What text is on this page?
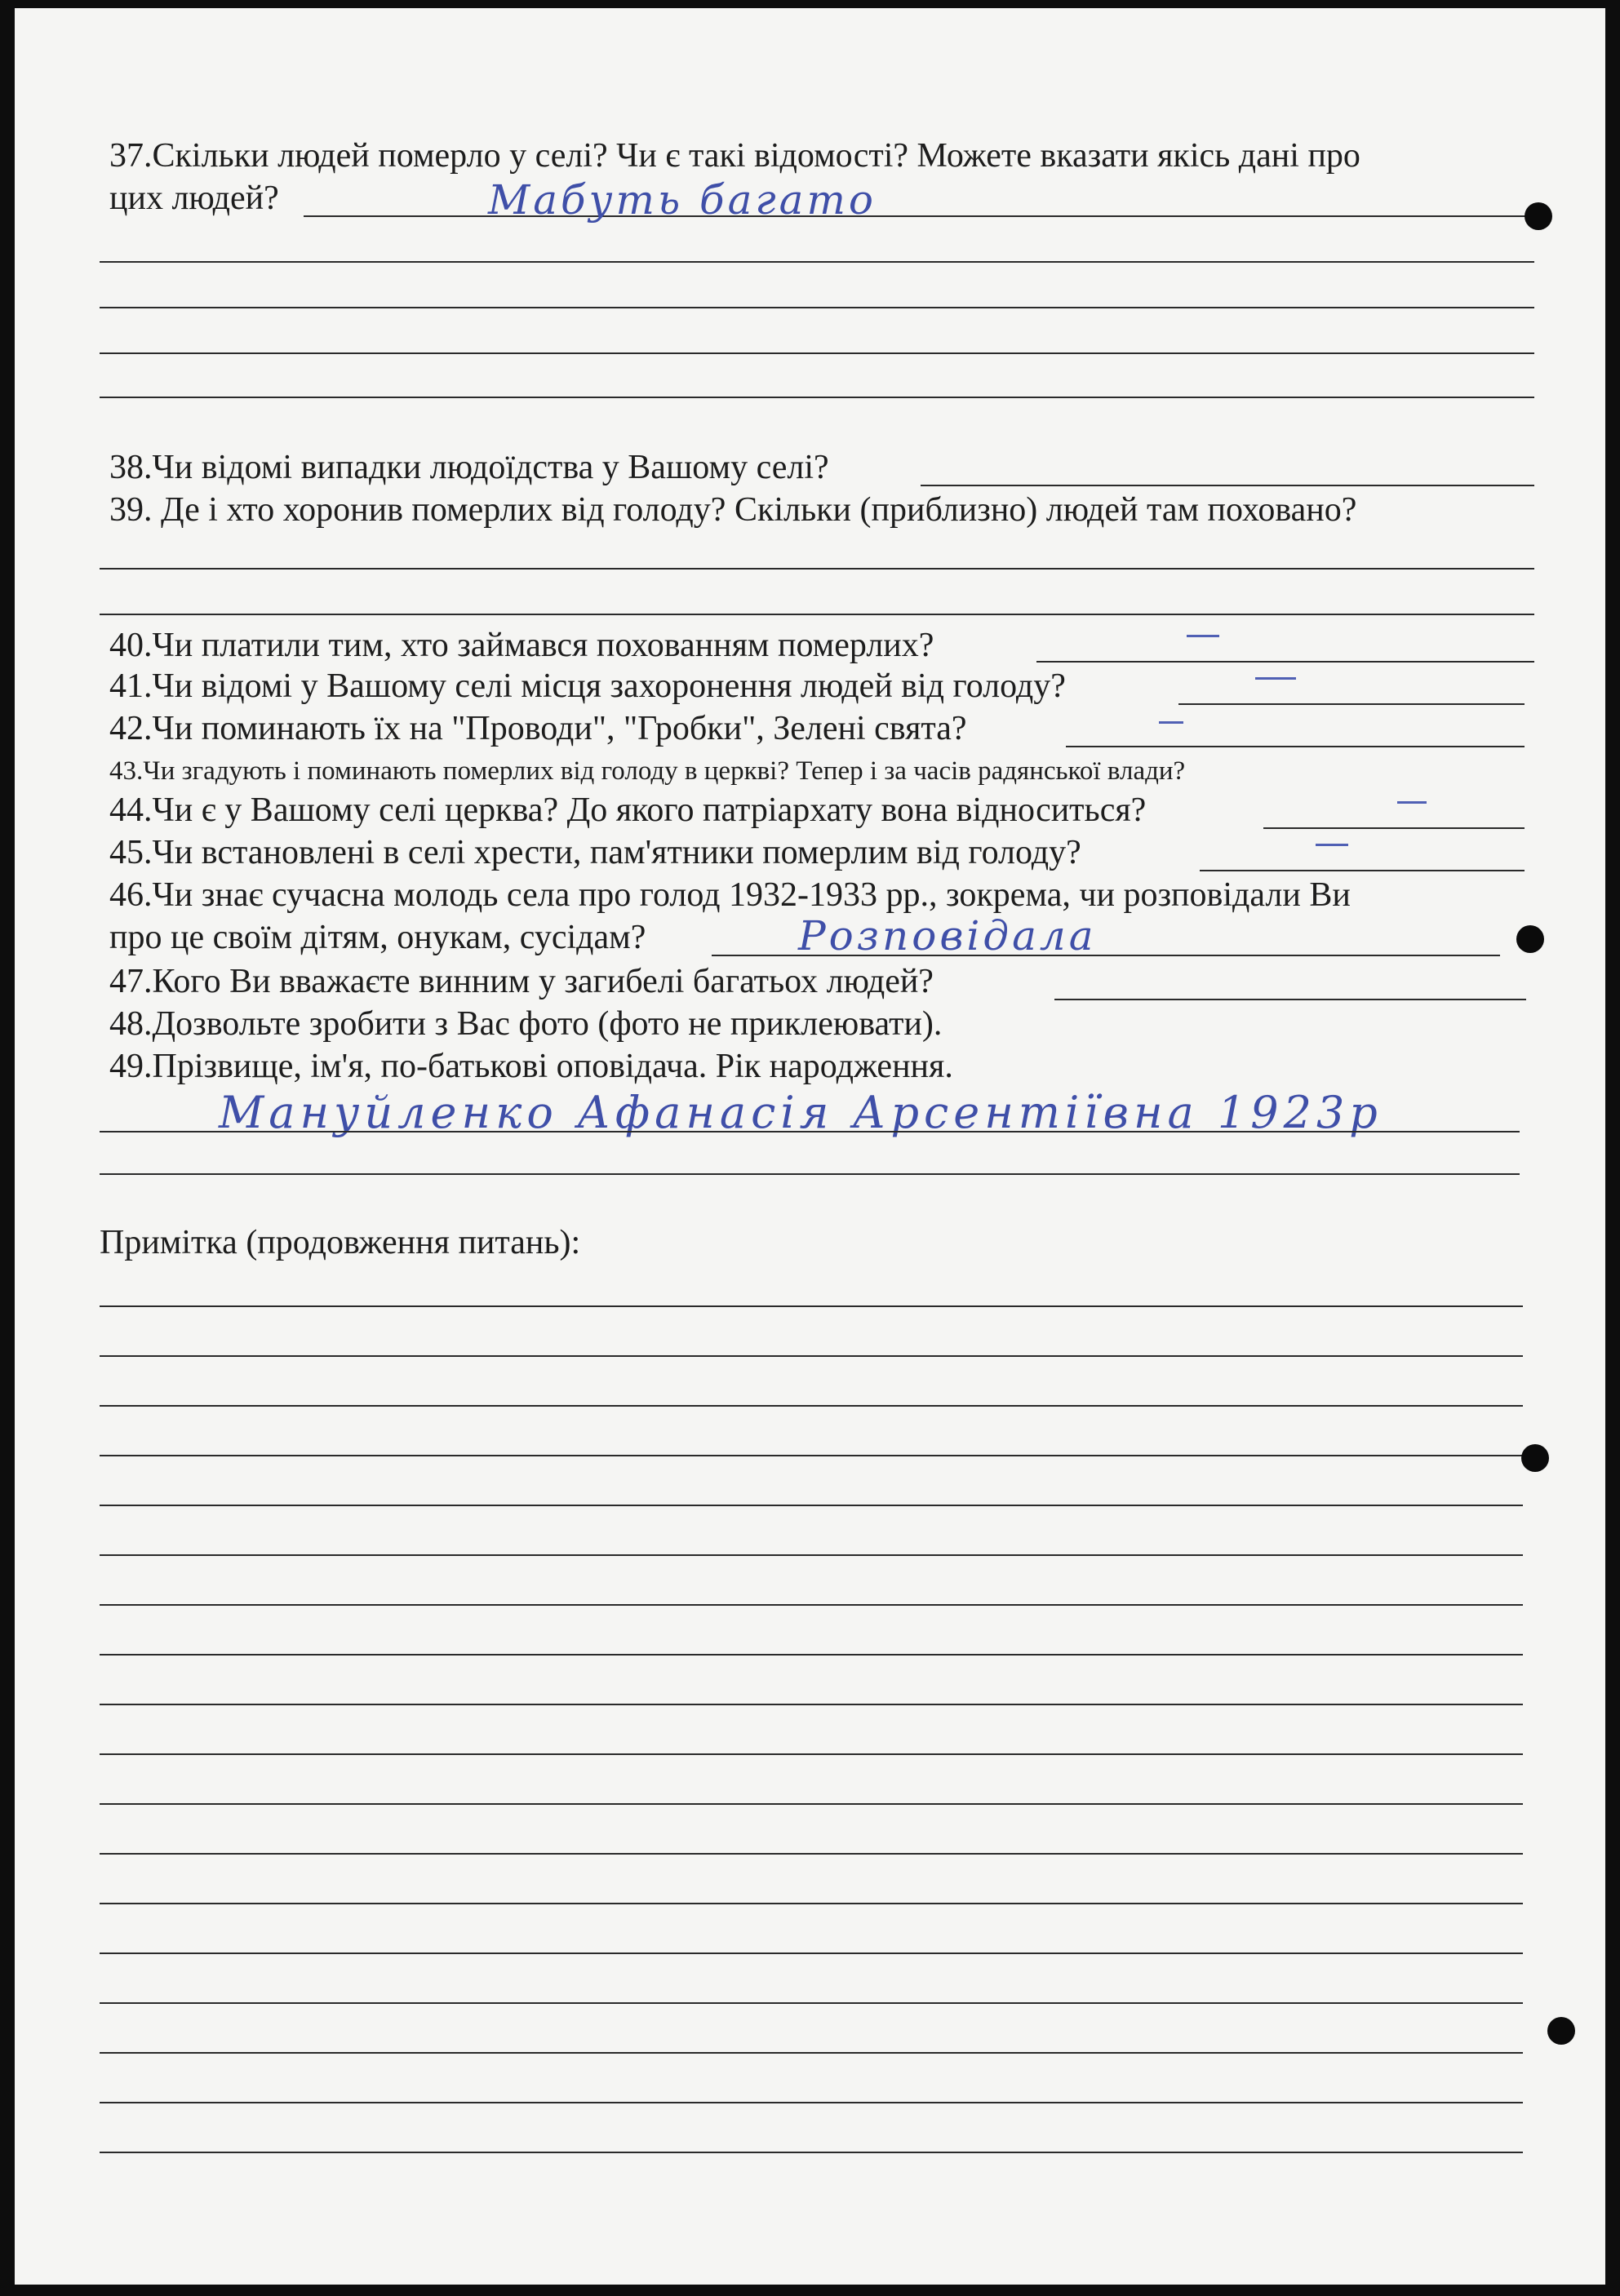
37.Скільки людей померло у селі? Чи є такі відомості? Можете вказати якісь дані про
цих людей?	Мабуть багато
38.Чи відомі випадки людоїдства у Вашому селі?
39. Де і хто хоронив померлих від голоду? Скільки (приблизно) людей там поховано?
40.Чи платили тим, хто займався похованням померлих?
41.Чи відомі у Вашому селі місця захоронення людей від голоду?
42.Чи поминають їх на "Проводи", "Гробки", Зелені свята?
43.Чи згадують і поминають померлих від голоду в церкві? Тепер і за часів радянської влади?
44.Чи є у Вашому селі церква? До якого патріархату вона відноситься?
45.Чи встановлені в селі хрести, пам'ятники померлим від голоду?
46.Чи знає сучасна молодь села про голод 1932-1933 рр., зокрема, чи розповідали Ви
про це своїм дітям, онукам, сусідам?	Розповідала
47.Кого Ви вважаєте винним у загибелі багатьох людей?
48.Дозвольте зробити з Вас фото (фото не приклеювати).
49.Прізвище, ім'я, по-батькові оповідача. Рік народження.
Мануйленко Афанасія Арсентіївна 1923р
Примітка (продовження питань):
